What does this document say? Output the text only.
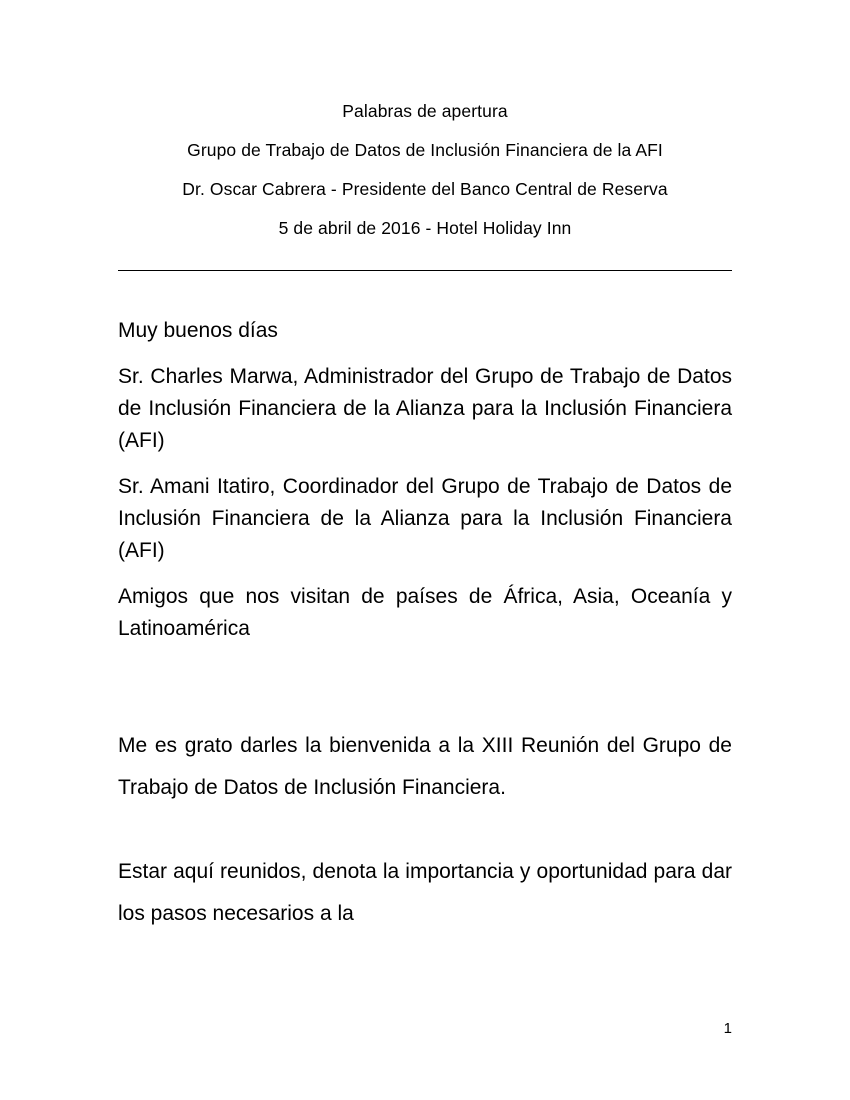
Palabras de apertura
Grupo de Trabajo de Datos de Inclusión Financiera de la AFI
Dr. Oscar Cabrera - Presidente del Banco Central de Reserva
5 de abril de 2016 - Hotel Holiday Inn

Muy buenos días

Sr. Charles Marwa, Administrador del Grupo de Trabajo de Datos de Inclusión Financiera de la Alianza para la Inclusión Financiera (AFI)

Sr. Amani Itatiro, Coordinador del Grupo de Trabajo de Datos de Inclusión Financiera de la Alianza para la Inclusión Financiera (AFI)

Amigos que nos visitan de países de África, Asia, Oceanía y Latinoamérica

Me es grato darles la bienvenida a la XIII Reunión del Grupo de Trabajo de Datos de Inclusión Financiera.

Estar aquí reunidos, denota la importancia y oportunidad para dar los pasos necesarios a la

1
